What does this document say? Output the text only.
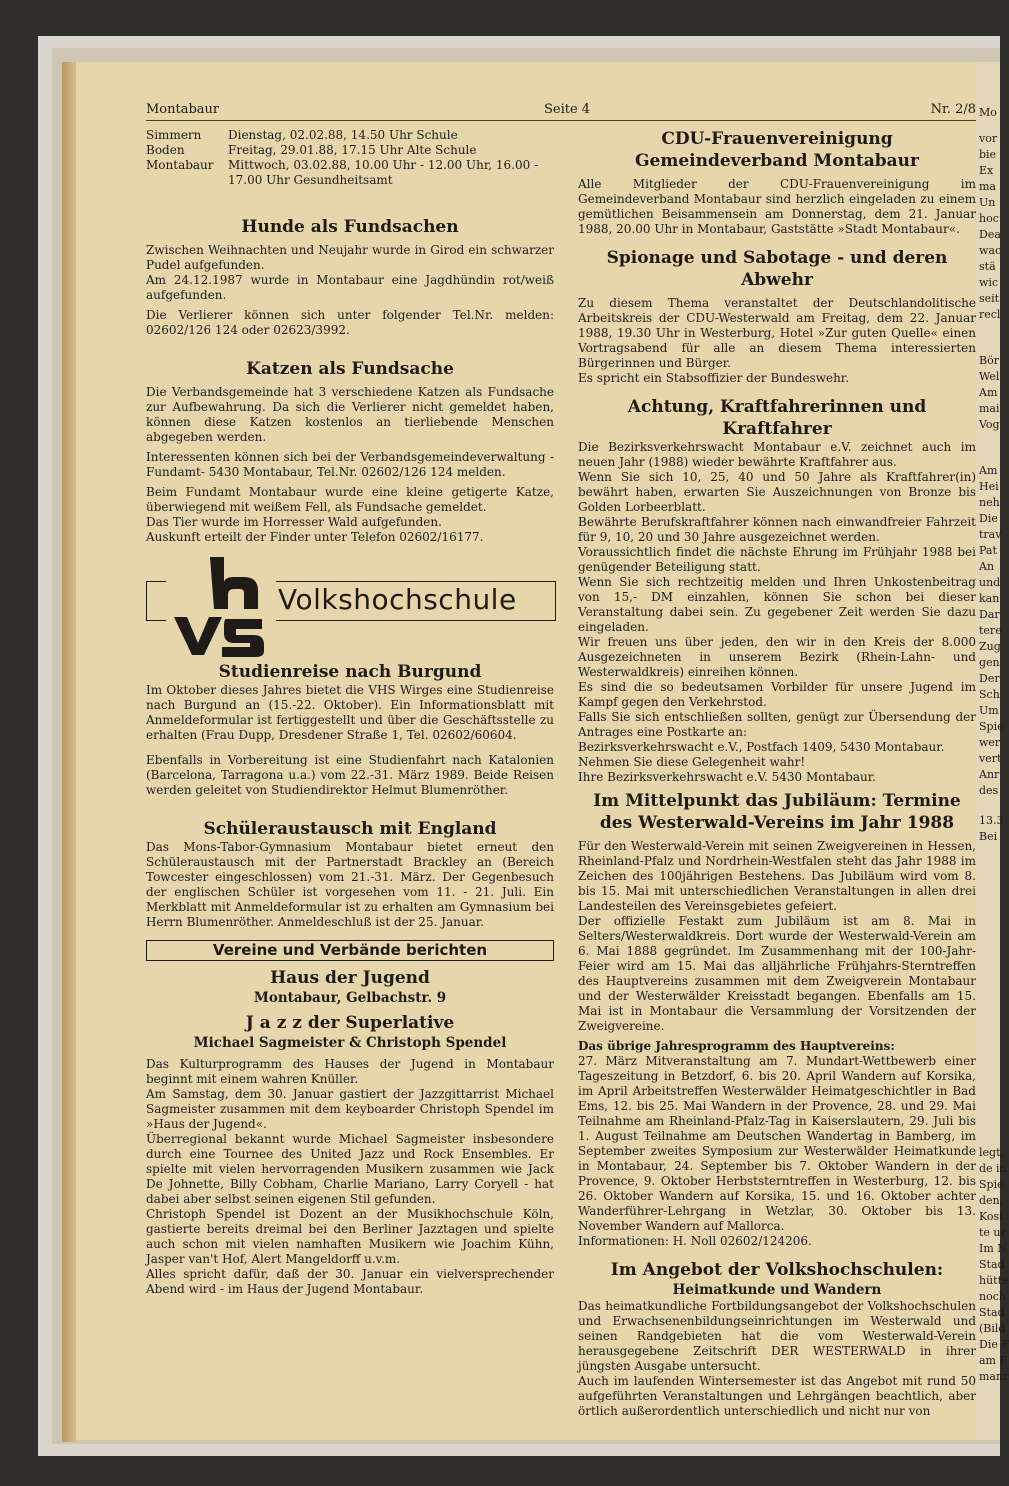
Montabaur	Seite 4	Nr. 2/8
Simmern	Dienstag, 02.02.88, 14.50 Uhr Schule
Boden	Freitag, 29.01.88, 17.15 Uhr Alte Schule
Montabaur	Mittwoch, 03.02.88, 10.00 Uhr - 12.00 Uhr, 16.00 - 17.00 Uhr Gesundheitsamt
Hunde als Fundsachen

Zwischen Weihnachten und Neujahr wurde in Girod ein schwarzer Pudel aufgefunden.

Am 24.12.1987 wurde in Montabaur eine Jagdhündin rot/weiß aufgefunden.

Die Verlierer können sich unter folgender Tel.Nr. melden: 02602/126 124 oder 02623/3992.

Katzen als Fundsache

Die Verbandsgemeinde hat 3 verschiedene Katzen als Fundsache zur Aufbewahrung. Da sich die Verlierer nicht gemeldet haben, können diese Katzen kostenlos an tierliebende Menschen abgegeben werden.

Interessenten können sich bei der Verbandsgemeindeverwaltung -Fundamt- 5430 Montabaur, Tel.Nr. 02602/126 124 melden.

Beim Fundamt Montabaur wurde eine kleine getigerte Katze, überwiegend mit weißem Fell, als Fundsache gemeldet.

Das Tier wurde im Horresser Wald aufgefunden.

Auskunft erteilt der Finder unter Telefon 02602/16177.

Volkshochschule
Studienreise nach Burgund

Im Oktober dieses Jahres bietet die VHS Wirges eine Studienreise nach Burgund an (15.-22. Oktober). Ein Informationsblatt mit Anmeldeformular ist fertiggestellt und über die Geschäftsstelle zu erhalten (Frau Dupp, Dresdener Straße 1, Tel. 02602/60604.

Ebenfalls in Vorbereitung ist eine Studienfahrt nach Katalonien (Barcelona, Tarragona u.a.) vom 22.-31. März 1989. Beide Reisen werden geleitet von Studiendirektor Helmut Blumenröther.

Schüleraustausch mit England

Das Mons-Tabor-Gymnasium Montabaur bietet erneut den Schüleraustausch mit der Partnerstadt Brackley an (Bereich Towcester eingeschlossen) vom 21.-31. März. Der Gegenbesuch der englischen Schüler ist vorgesehen vom 11. - 21. Juli. Ein Merkblatt mit Anmeldeformular ist zu erhalten am Gymnasium bei Herrn Blumenröther. Anmeldeschluß ist der 25. Januar.

Vereine und Verbände berichten
Haus der Jugend
Montabaur, Gelbachstr. 9
J a z z der Superlative
Michael Sagmeister & Christoph Spendel

Das Kulturprogramm des Hauses der Jugend in Montabaur beginnt mit einem wahren Knüller.

Am Samstag, dem 30. Januar gastiert der Jazzgittarrist Michael Sagmeister zusammen mit dem keyboarder Christoph Spendel im »Haus der Jugend«.

Überregional bekannt wurde Michael Sagmeister insbesondere durch eine Tournee des United Jazz und Rock Ensembles. Er spielte mit vielen hervorragenden Musikern zusammen wie Jack De Johnette, Billy Cobham, Charlie Mariano, Larry Coryell - hat dabei aber selbst seinen eigenen Stil gefunden.

Christoph Spendel ist Dozent an der Musikhochschule Köln, gastierte bereits dreimal bei den Berliner Jazztagen und spielte auch schon mit vielen namhaften Musikern wie Joachim Kühn, Jasper van't Hof, Alert Mangeldorff u.v.m.

Alles spricht dafür, daß der 30. Januar ein vielversprechender Abend wird - im Haus der Jugend Montabaur.

CDU-Frauenvereinigung Gemeindeverband Montabaur

Alle Mitglieder der CDU-Frauenvereinigung im Gemeindeverband Montabaur sind herzlich eingeladen zu einem gemütlichen Beisammensein am Donnerstag, dem 21. Januar 1988, 20.00 Uhr in Montabaur, Gaststätte »Stadt Montabaur«.

Spionage und Sabotage - und deren Abwehr

Zu diesem Thema veranstaltet der Deutschlandolitische Arbeitskreis der CDU-Westerwald am Freitag, dem 22. Januar 1988, 19.30 Uhr in Westerburg, Hotel »Zur guten Quelle« einen Vortragsabend für alle an diesem Thema interessierten Bürgerinnen und Bürger.

Es spricht ein Stabsoffizier der Bundeswehr.

Achtung, Kraftfahrerinnen und Kraftfahrer

Die Bezirksverkehrswacht Montabaur e.V. zeichnet auch im neuen Jahr (1988) wieder bewährte Kraftfahrer aus.

Wenn Sie sich 10, 25, 40 und 50 Jahre als Kraftfahrer(in) bewährt haben, erwarten Sie Auszeichnungen von Bronze bis Golden Lorbeerblatt.

Bewährte Berufskraftfahrer können nach einwandfreier Fahrzeit für 9, 10, 20 und 30 Jahre ausgezeichnet werden.

Voraussichtlich findet die nächste Ehrung im Frühjahr 1988 bei genügender Beteiligung statt.

Wenn Sie sich rechtzeitig melden und Ihren Unkostenbeitrag von 15,- DM einzahlen, können Sie schon bei dieser Veranstaltung dabei sein. Zu gegebener Zeit werden Sie dazu eingeladen.

Wir freuen uns über jeden, den wir in den Kreis der 8.000 Ausgezeichneten in unserem Bezirk (Rhein-Lahn- und Westerwaldkreis) einreihen können.

Es sind die so bedeutsamen Vorbilder für unsere Jugend im Kampf gegen den Verkehrstod.

Falls Sie sich entschließen sollten, genügt zur Übersendung der Antrages eine Postkarte an:

Bezirksverkehrswacht e.V., Postfach 1409, 5430 Montabaur.

Nehmen Sie diese Gelegenheit wahr!

Ihre Bezirksverkehrswacht e.V. 5430 Montabaur.

Im Mittelpunkt das Jubiläum: Termine des Westerwald-Vereins im Jahr 1988

Für den Westerwald-Verein mit seinen Zweigvereinen in Hessen, Rheinland-Pfalz und Nordrhein-Westfalen steht das Jahr 1988 im Zeichen des 100jährigen Bestehens. Das Jubiläum wird vom 8. bis 15. Mai mit unterschiedlichen Veranstaltungen in allen drei Landesteilen des Vereinsgebietes gefeiert.

Der offizielle Festakt zum Jubiläum ist am 8. Mai in Selters/Westerwaldkreis. Dort wurde der Westerwald-Verein am 6. Mai 1888 gegründet. Im Zusammenhang mit der 100-Jahr-Feier wird am 15. Mai das alljährliche Frühjahrs-Sterntreffen des Hauptvereins zusammen mit dem Zweigverein Montabaur und der Westerwälder Kreisstadt begangen. Ebenfalls am 15. Mai ist in Montabaur die Versammlung der Vorsitzenden der Zweigvereine.

Das übrige Jahresprogramm des Hauptvereins:

27. März Mitveranstaltung am 7. Mundart-Wettbewerb einer Tageszeitung in Betzdorf, 6. bis 20. April Wandern auf Korsika, im April Arbeitstreffen Westerwälder Heimatgeschichtler in Bad Ems, 12. bis 25. Mai Wandern in der Provence, 28. und 29. Mai Teilnahme am Rheinland-Pfalz-Tag in Kaiserslautern, 29. Juli bis 1. August Teilnahme am Deutschen Wandertag in Bamberg, im September zweites Symposium zur Westerwälder Heimatkunde in Montabaur, 24. September bis 7. Oktober Wandern in der Provence, 9. Oktober Herbststerntreffen in Westerburg, 12. bis 26. Oktober Wandern auf Korsika, 15. und 16. Oktober achter Wanderführer-Lehrgang in Wetzlar, 30. Oktober bis 13. November Wandern auf Mallorca.

Informationen: H. Noll 02602/124206.

Im Angebot der Volkshochschulen:
Heimatkunde und Wandern

Das heimatkundliche Fortbildungsangebot der Volkshochschulen und Erwachsenenbildungseinrichtungen im Westerwald und seinen Randgebieten hat die vom Westerwald-Verein herausgegebene Zeitschrift DER WESTERWALD in ihrer jüngsten Ausgabe untersucht.

Auch im laufenden Wintersemester ist das Angebot mit rund 50 aufgeführten Veranstaltungen und Lehrgängen beachtlich, aber örtlich außerordentlich unterschiedlich und nicht nur von

Mo
vor
bie
Ex
ma
Un
hoc
Dea
wac
stä
wic
seit
recl
Bör
Wel
Am
mai
Vog
Am
Hei
neh
Die
trav
Pat
An
und
kan
Dar
tere
Zug
gen
Der
Sch
Um
Spie
wer
vert
Anr
des
13.3
Bei
legt,
de in
Spie
den,
Kost
te ur
Im N
Stad
hütte
noch
Stad
(Bild
Die F
am F
manr
